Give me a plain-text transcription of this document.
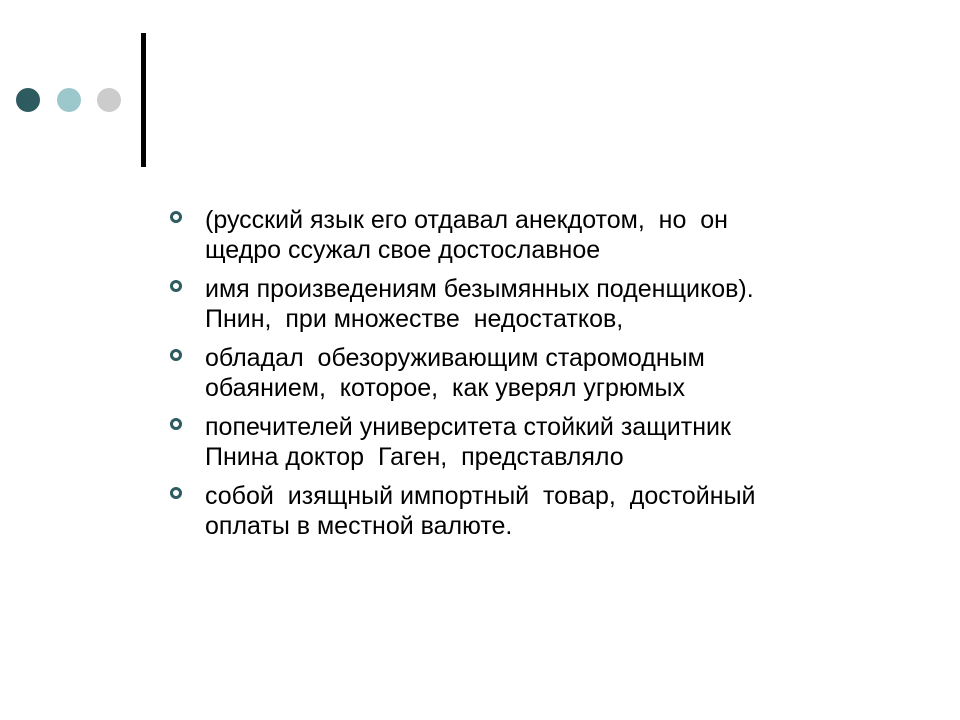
(русский язык его отдавал анекдотом,  но  он
щедро ссужал свое достославное
имя произведениям безымянных поденщиков).
Пнин,  при множестве  недостатков,
обладал  обезоруживающим старомодным
обаянием,  которое,  как уверял угрюмых
попечителей университета стойкий защитник
Пнина доктор  Гаген,  представляло
собой  изящный импортный  товар,  достойный
оплаты в местной валюте.
